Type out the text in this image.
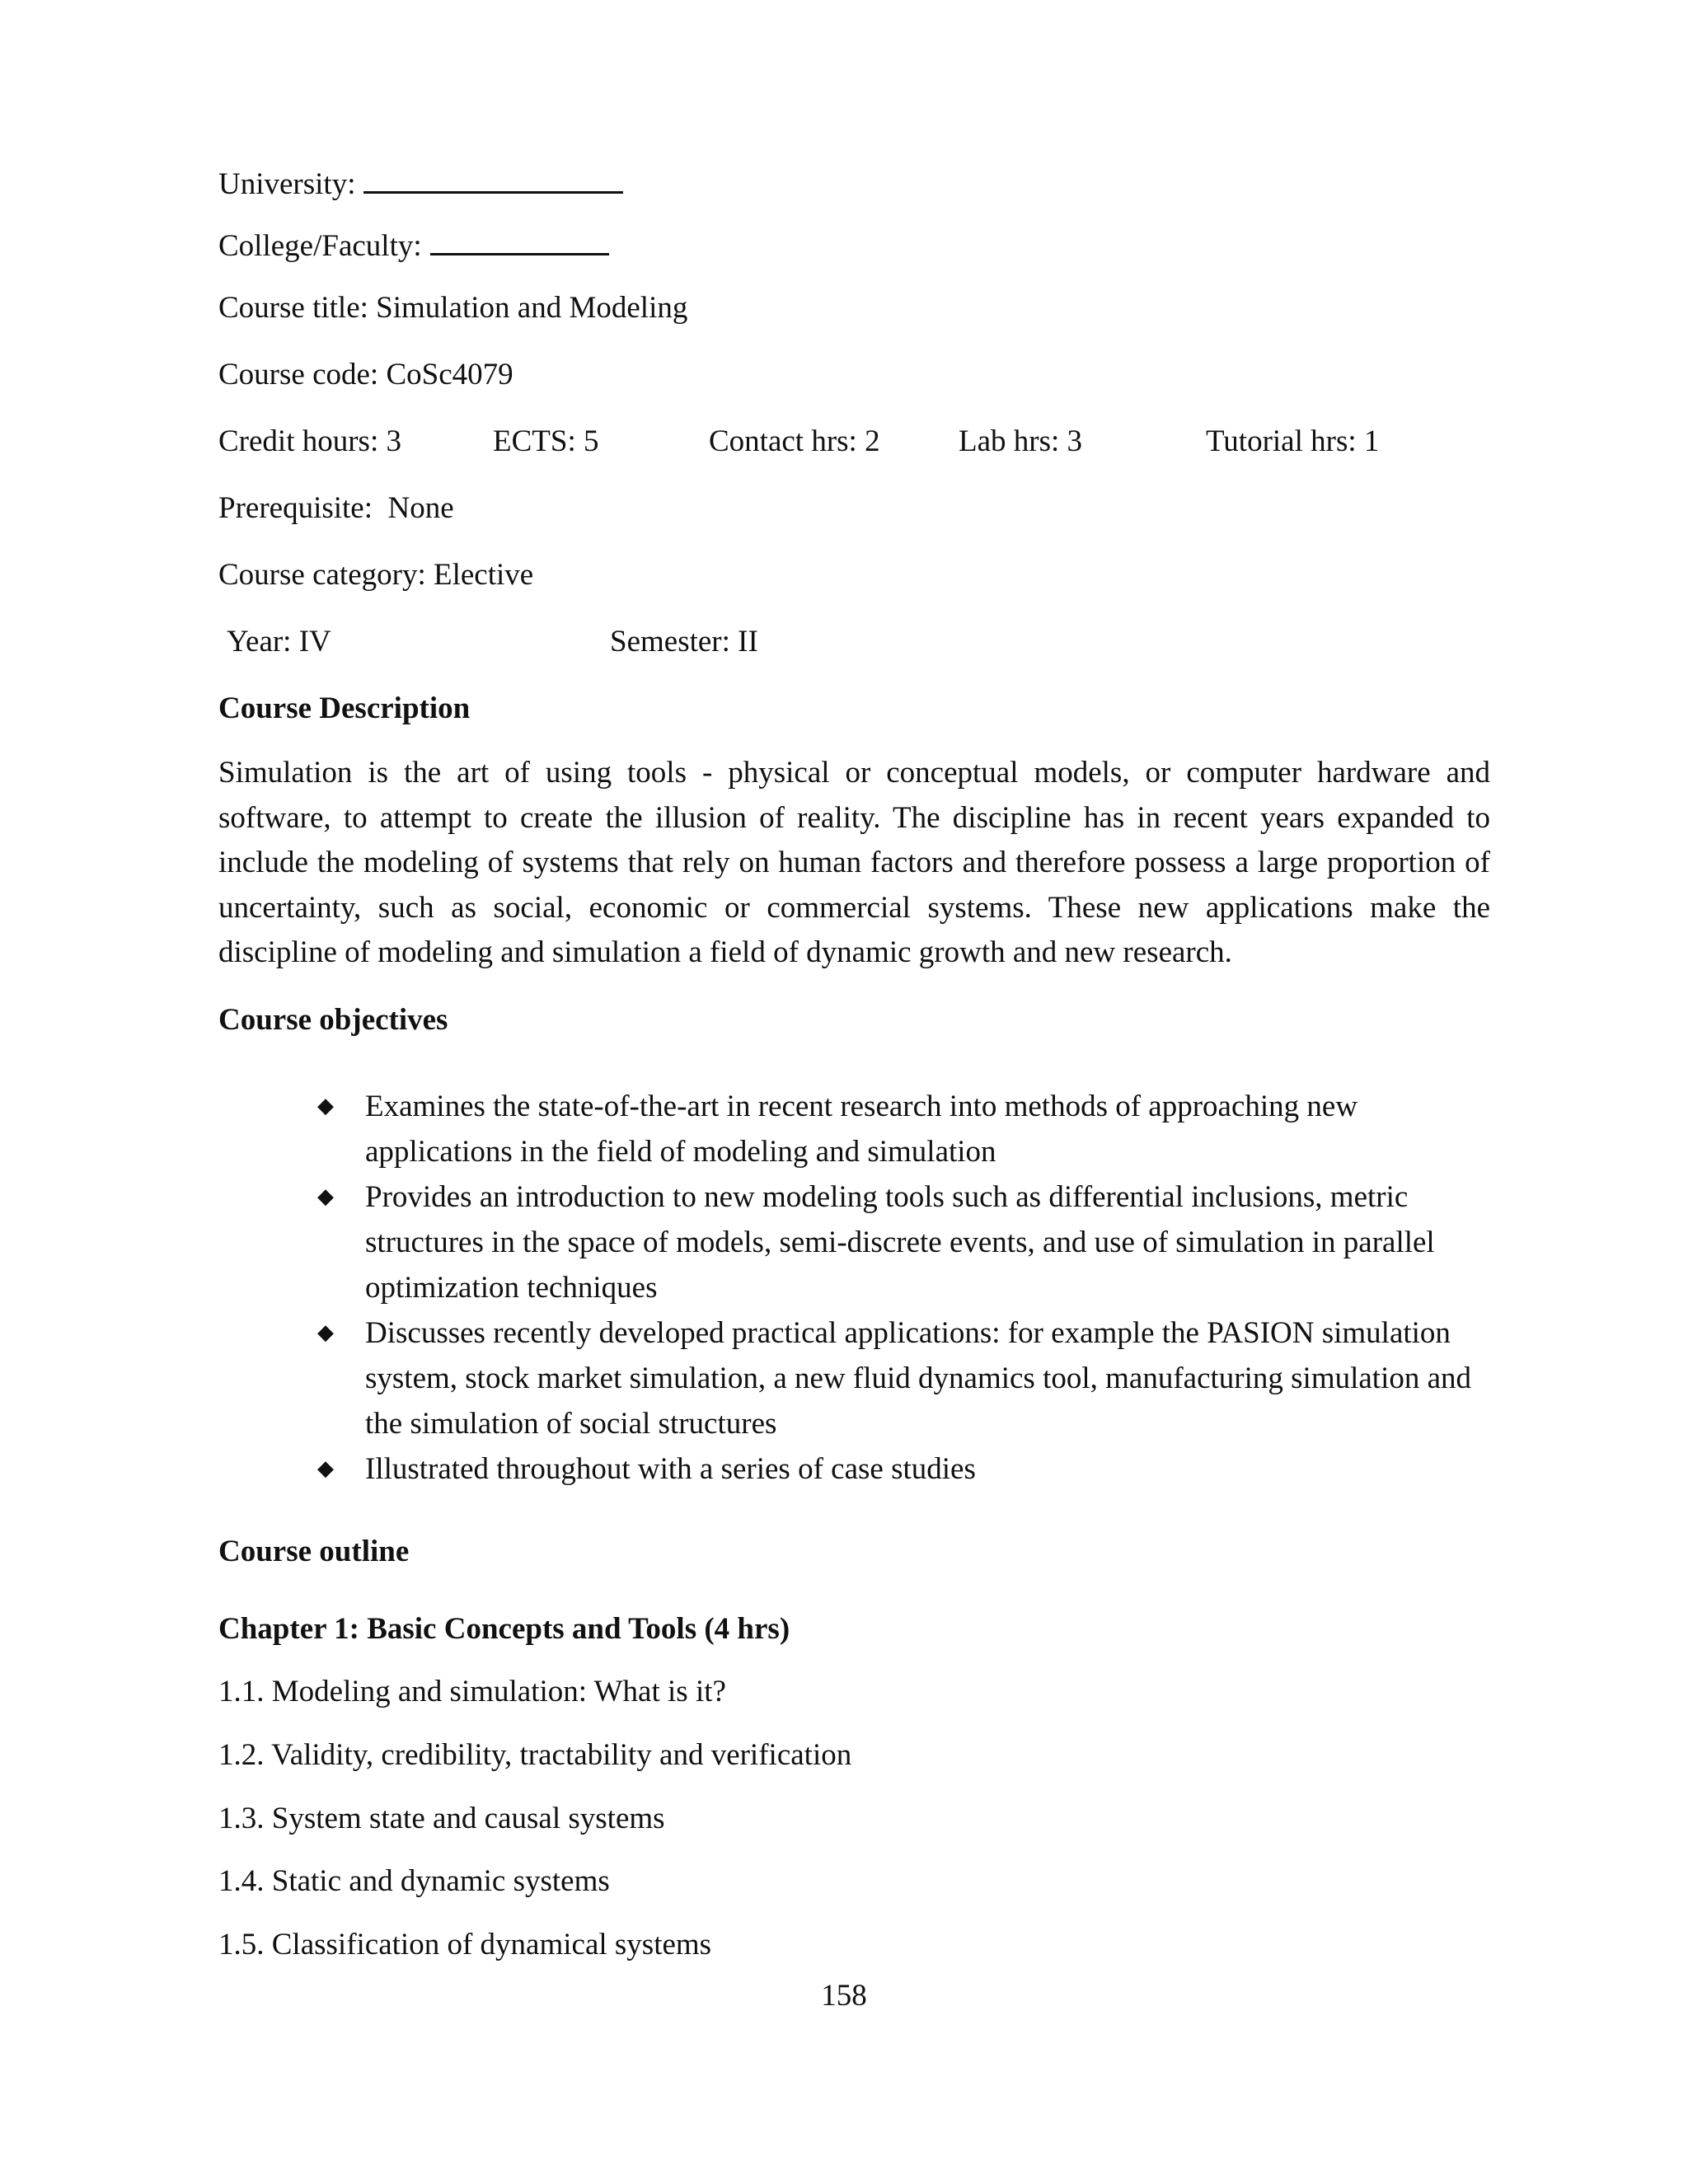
University:
College/Faculty:
Course title: Simulation and Modeling
Course code: CoSc4079
Credit hours: 3	ECTS: 5	Contact hrs: 2	Lab hrs: 3	Tutorial hrs: 1
Prerequisite:  None
Course category: Elective
Year: IV	Semester: II
Course Description

Simulation is the art of using tools - physical or conceptual models, or computer hardware and software, to attempt to create the illusion of reality. The discipline has in recent years expanded to include the modeling of systems that rely on human factors and therefore possess a large proportion of uncertainty, such as social, economic or commercial systems. These new applications make the discipline of modeling and simulation a field of dynamic growth and new research.

Course objectives
◆ Examines the state-of-the-art in recent research into methods of approaching new applications in the field of modeling and simulation
◆ Provides an introduction to new modeling tools such as differential inclusions, metric structures in the space of models, semi-discrete events, and use of simulation in parallel optimization techniques
◆ Discusses recently developed practical applications: for example the PASION simulation system, stock market simulation, a new fluid dynamics tool, manufacturing simulation and the simulation of social structures
◆ Illustrated throughout with a series of case studies
Course outline
Chapter 1: Basic Concepts and Tools (4 hrs)
1.1. Modeling and simulation: What is it?
1.2. Validity, credibility, tractability and verification
1.3. System state and causal systems
1.4. Static and dynamic systems
1.5. Classification of dynamical systems
158
